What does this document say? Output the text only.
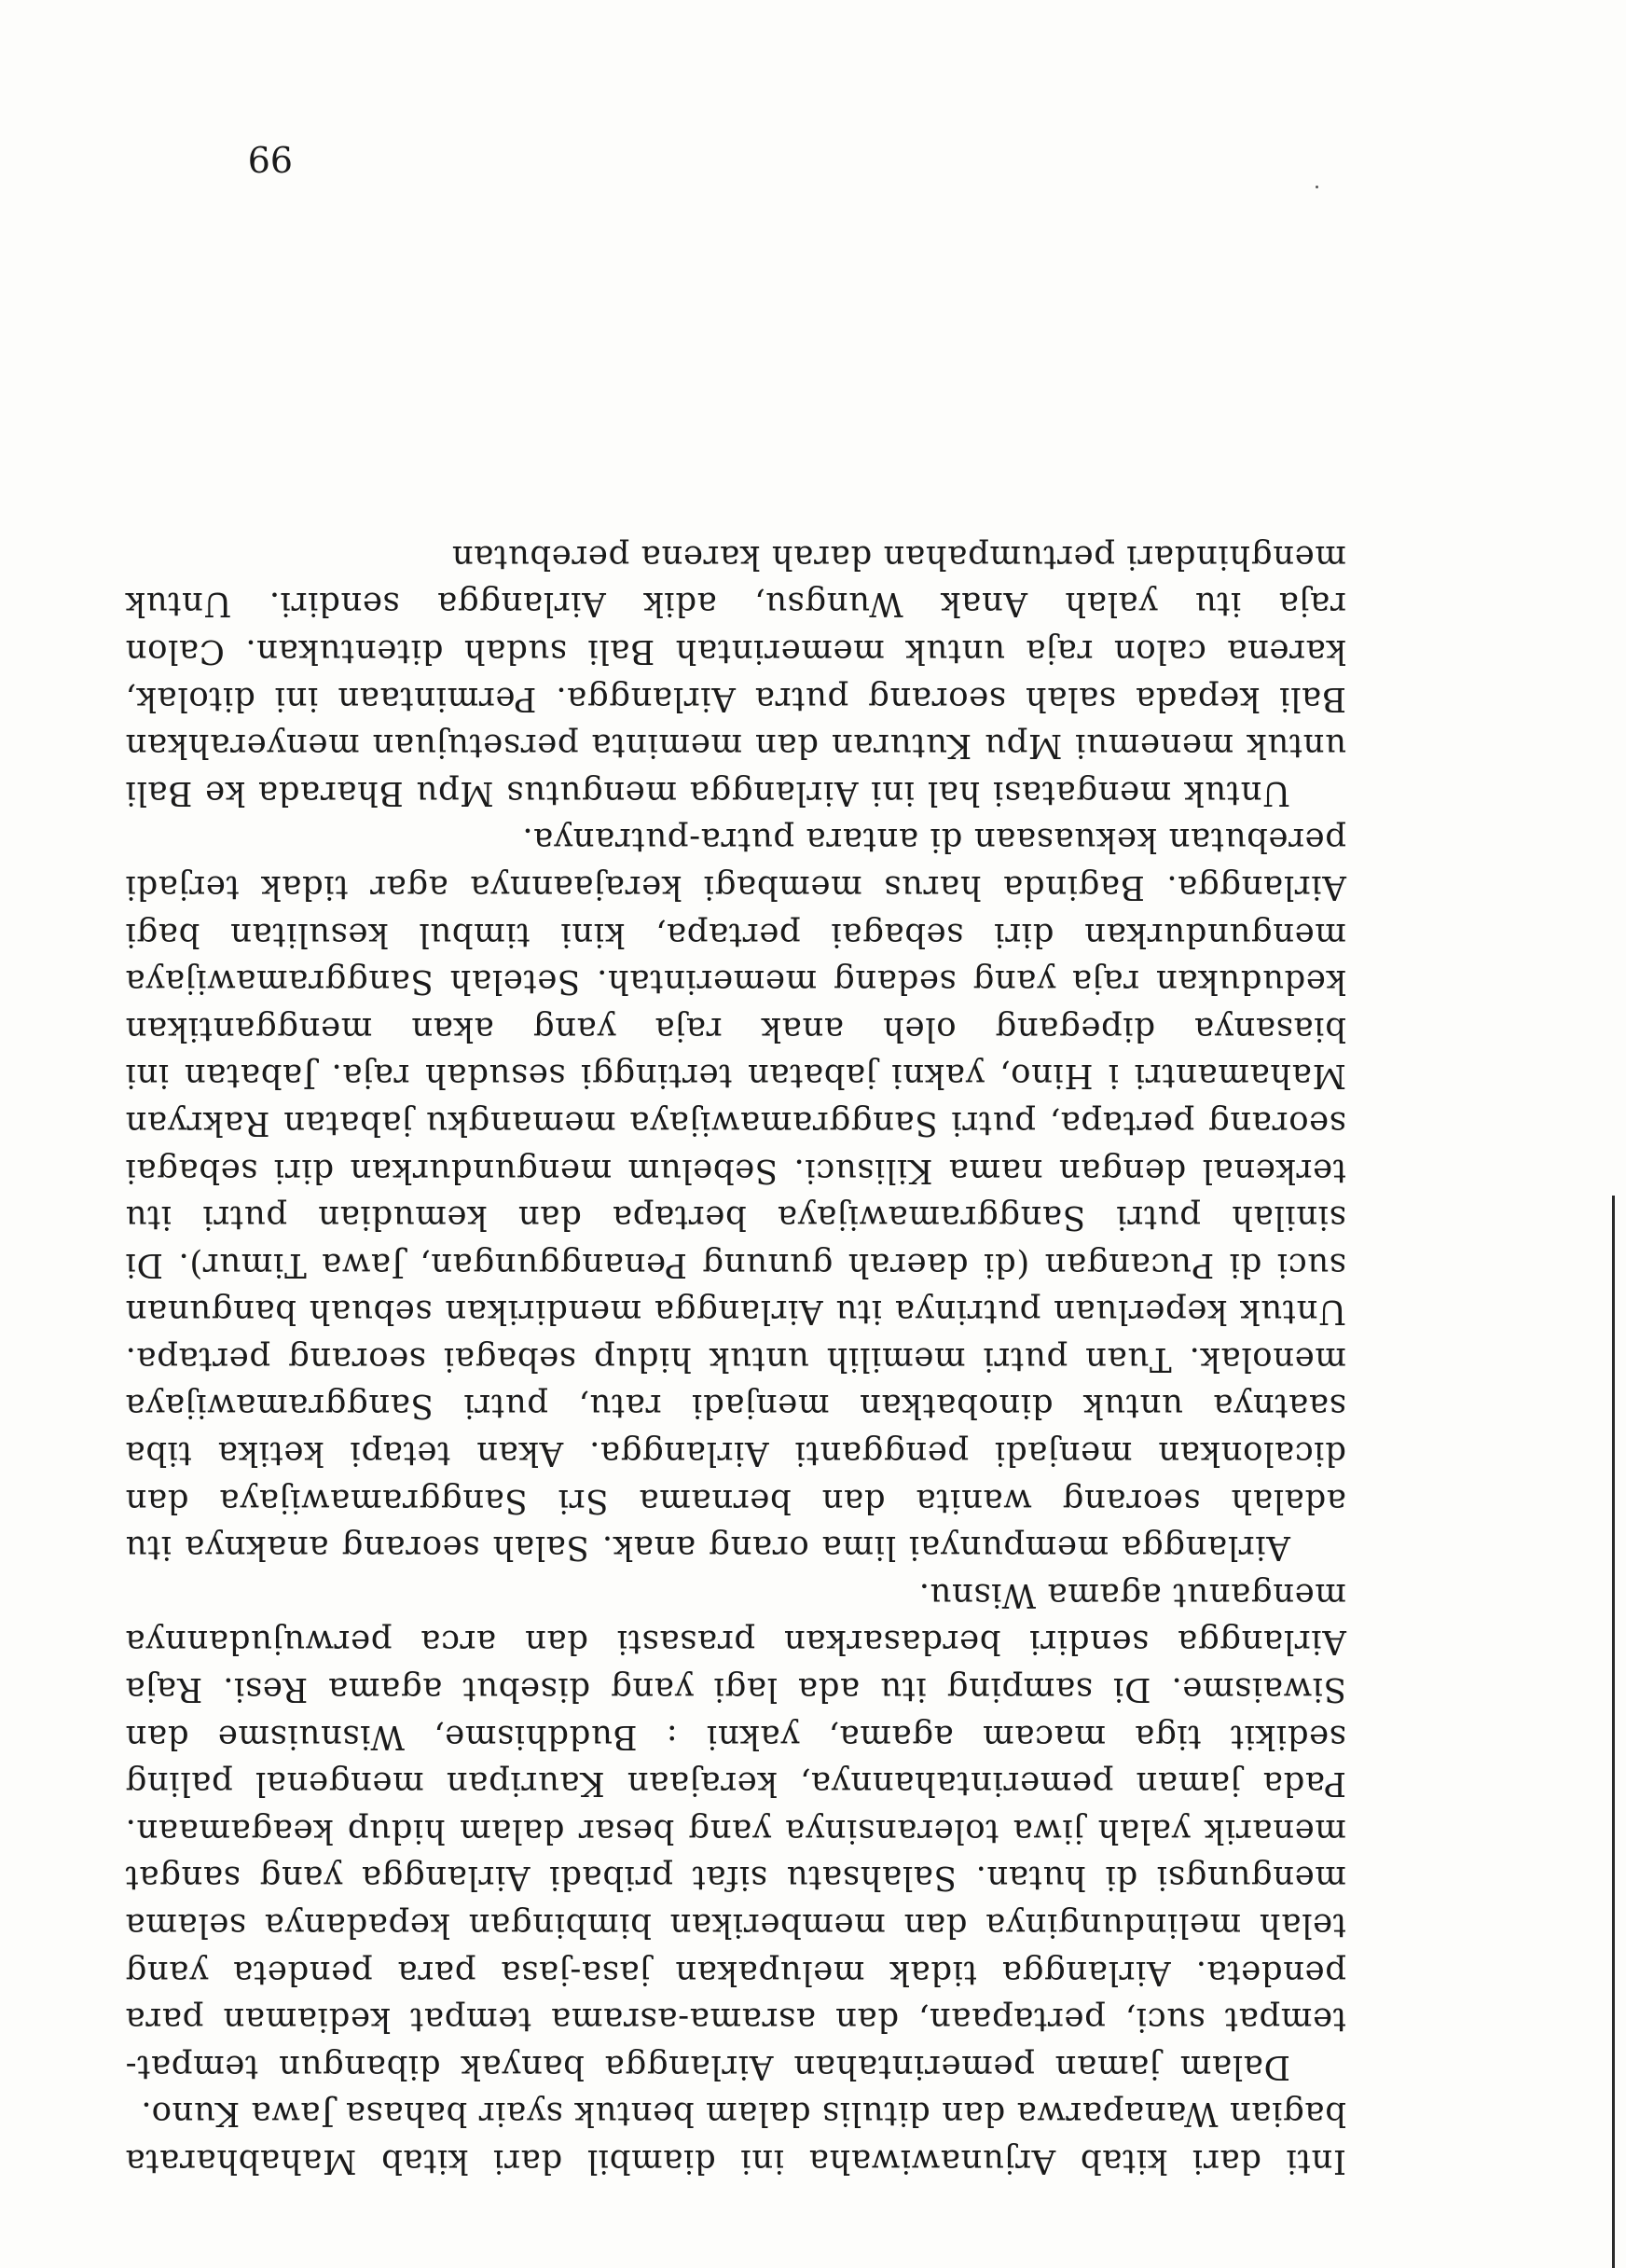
Inti dari kitab Arjunawiwaha ini diambil dari kitab Mahabharata bagian Wanaparwa dan ditulis dalam bentuk syair bahasa Jawa Kuno.

Dalam jaman pemerintahan Airlangga banyak dibangun tempat-tempat suci, pertapaan, dan asrama-asrama tempat kediaman para pendeta. Airlangga tidak melupakan jasa-jasa para pendeta yang telah melindunginya dan memberikan bimbingan kepadanya selama mengungsi di hutan. Salahsatu sifat pribadi Airlangga yang sangat menarik yalah jiwa toleransinya yang besar dalam hidup keagamaan. Pada jaman pemerintahannya, kerajaan Kauripan mengenal paling sedikit tiga macam agama, yakni : Buddhisme, Wisnuisme dan Siwaisme. Di samping itu ada lagi yang disebut agama Resi. Raja Airlangga sendiri berdasarkan prasasti dan arca perwujudannya menganut agama Wisnu.

Airlangga mempunyai lima orang anak. Salah seorang anaknya itu adalah seorang wanita dan bernama Sri Sanggramawijaya dan dicalonkan menjadi pengganti Airlangga. Akan tetapi ketika tiba saatnya untuk dinobatkan menjadi ratu, putri Sanggramawijaya menolak. Tuan putri memilih untuk hidup sebagai seorang pertapa. Untuk keperluan putrinya itu Airlangga mendirikan sebuah bangunan suci di Pucangan (di daerah gunung Penanggungan, Jawa Timur). Di sinilah putri Sanggramawijaya bertapa dan kemudian putri itu terkenal dengan nama Kilisuci. Sebelum mengundurkan diri sebagai seorang pertapa, putri Sanggramawijaya memangku jabatan Rakryan Mahamantri i Hino, yakni jabatan tertinggi sesudah raja. Jabatan ini biasanya dipegang oleh anak raja yang akan menggantikan kedudukan raja yang sedang memerintah. Setelah Sanggramawijaya mengundurkan diri sebagai pertapa, kini timbul kesulitan bagi Airlangga. Baginda harus membagi kerajaannya agar tidak terjadi perebutan kekuasaan di antara putra-putranya.

Untuk mengatasi hal ini Airlangga mengutus Mpu Bharada ke Bali untuk menemui Mpu Kuturan dan meminta persetujuan menyerahkan Bali kepada salah seorang putra Airlangga. Permintaan ini ditolak, karena calon raja untuk memerintah Bali sudah ditentukan. Calon raja itu yalah Anak Wungsu, adik Airlangga sendiri. Untuk menghindari pertumpahan darah karena perebutan

99
